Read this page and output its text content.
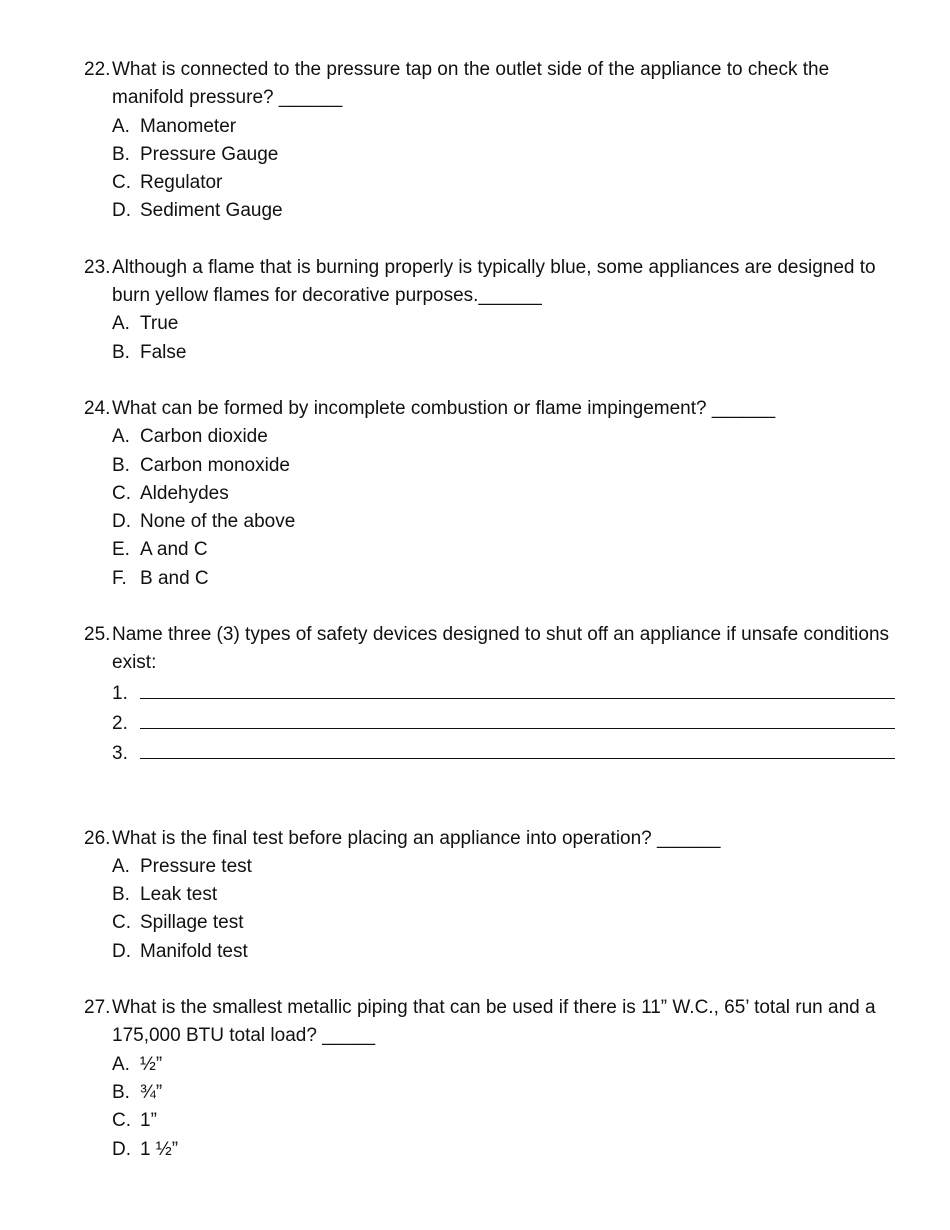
22. What is connected to the pressure tap on the outlet side of the appliance to check the manifold pressure? ______
A. Manometer
B. Pressure Gauge
C. Regulator
D. Sediment Gauge
23. Although a flame that is burning properly is typically blue, some appliances are designed to burn yellow flames for decorative purposes.______
A. True
B. False
24. What can be formed by incomplete combustion or flame impingement? ______
A. Carbon dioxide
B. Carbon monoxide
C. Aldehydes
D. None of the above
E. A and C
F. B and C
25. Name three (3) types of safety devices designed to shut off an appliance if unsafe conditions exist:
1.
2.
3.
26. What is the final test before placing an appliance into operation? ______
A. Pressure test
B. Leak test
C. Spillage test
D. Manifold test
27. What is the smallest metallic piping that can be used if there is 11” W.C., 65’ total run and a 175,000 BTU total load? _____
A. ½”
B. ¾”
C. 1”
D. 1 ½”
